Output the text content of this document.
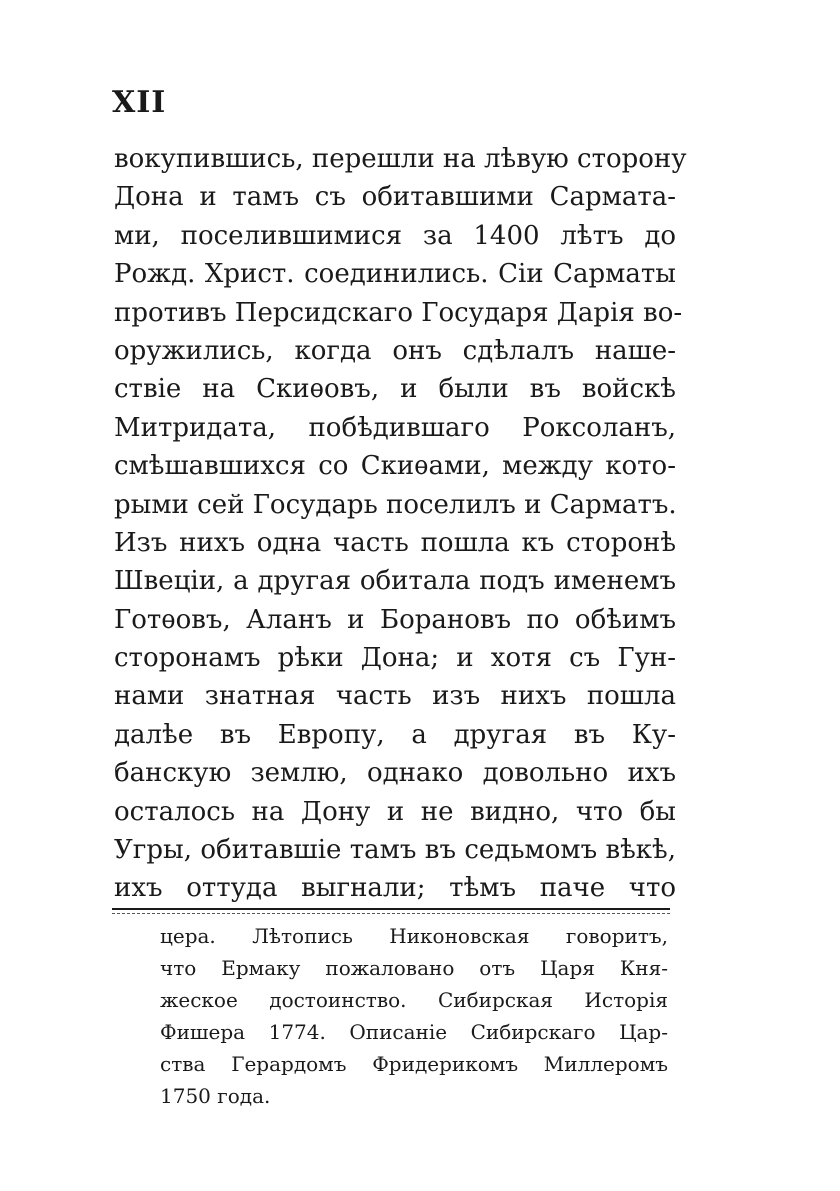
XII
вокупившись, перешли на лѣвую сторону
Дона и тамъ съ обитавшими Сармата-
ми, поселившимися за 1400 лѣтъ до
Рожд. Христ. соединились. Сіи Сарматы
противъ Персидскаго Государя Дарія во-
оружились, когда онъ сдѣлалъ наше-
ствіе на Скиѳовъ, и были въ войскѣ
Митридата, побѣдившаго Роксоланъ,
смѣшавшихся со Скиѳами, между кото-
рыми сей Государь поселилъ и Сарматъ.
Изъ нихъ одна часть пошла къ сторонѣ
Швеціи, а другая обитала подъ именемъ
Готѳовъ, Аланъ и Борановъ по обѣимъ
сторонамъ рѣки Дона; и хотя съ Гун-
нами знатная часть изъ нихъ пошла
далѣе въ Европу, а другая въ Ку-
банскую землю, однако довольно ихъ
осталось на Дону и не видно, что бы
Угры, обитавшіе тамъ въ седьмомъ вѣкѣ,
ихъ оттуда выгнали; тѣмъ паче что
цера. Лѣтопись Никоновская говоритъ,
что Ермаку пожаловано отъ Царя Кня-
жеское достоинство. Сибирская Исторія
Фишера 1774. Описаніе Сибирскаго Цар-
ства Герардомъ Фридерикомъ Миллеромъ
1750 года.
